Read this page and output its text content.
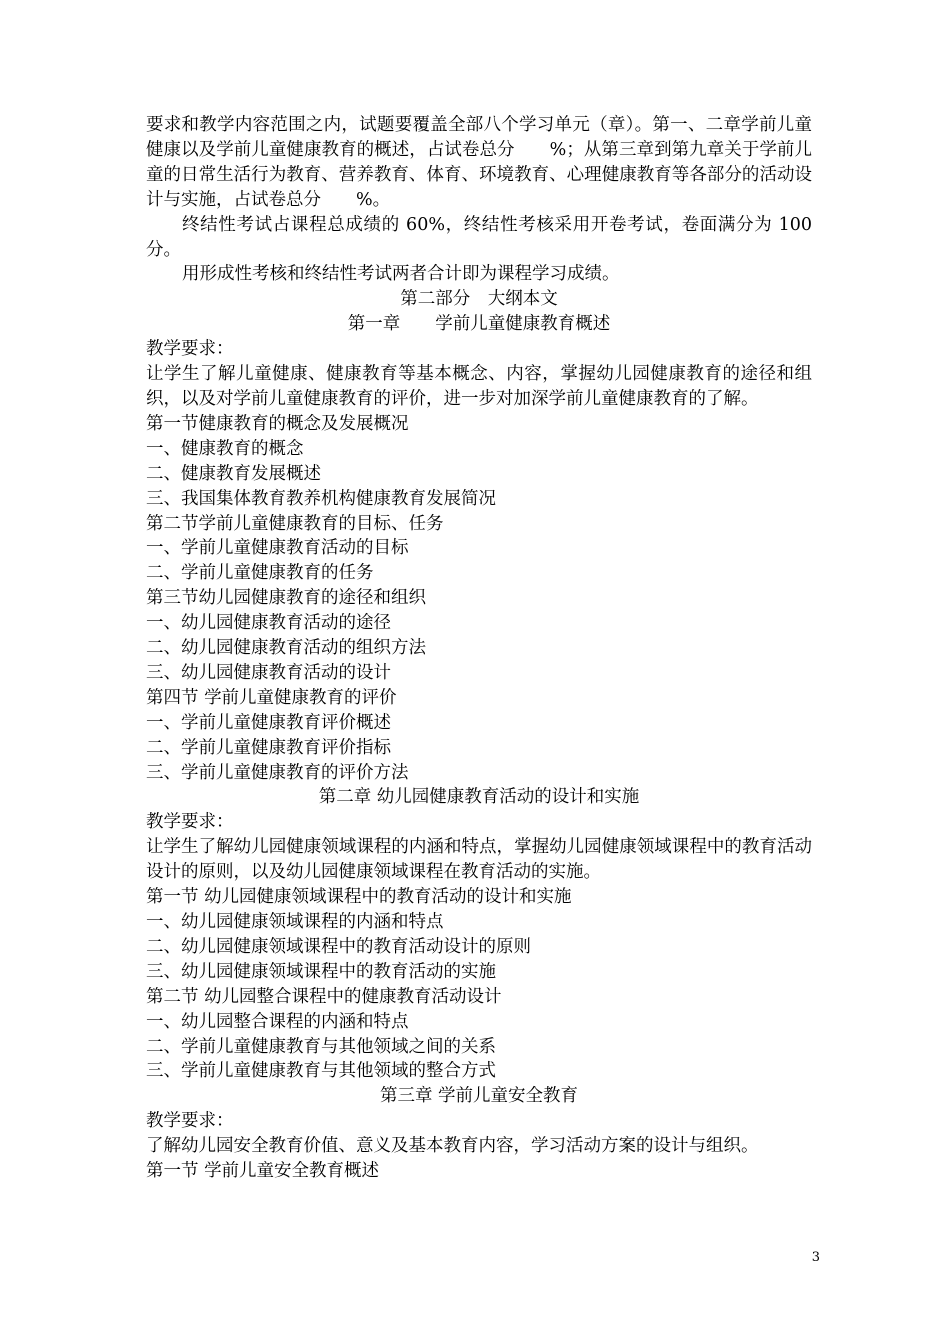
要求和教学内容范围之内，试题要覆盖全部八个学习单元（章）。第一、二章学前儿童健康以及学前儿童健康教育的概述，占试卷总分　　%；从第三章到第九章关于学前儿童的日常生活行为教育、营养教育、体育、环境教育、心理健康教育等各部分的活动设计与实施，占试卷总分　　%。

终结性考试占课程总成绩的 60%，终结性考核采用开卷考试，卷面满分为 100 分。

用形成性考核和终结性考试两者合计即为课程学习成绩。

第二部分　大纲本文

第一章　　学前儿童健康教育概述

教学要求：

让学生了解儿童健康、健康教育等基本概念、内容，掌握幼儿园健康教育的途径和组织，以及对学前儿童健康教育的评价，进一步对加深学前儿童健康教育的了解。

第一节健康教育的概念及发展概况

一、健康教育的概念

二、健康教育发展概述

三、我国集体教育教养机构健康教育发展简况

第二节学前儿童健康教育的目标、任务

一、学前儿童健康教育活动的目标

二、学前儿童健康教育的任务

第三节幼儿园健康教育的途径和组织

一、幼儿园健康教育活动的途径

二、幼儿园健康教育活动的组织方法

三、幼儿园健康教育活动的设计

第四节 学前儿童健康教育的评价

一、学前儿童健康教育评价概述

二、学前儿童健康教育评价指标

三、学前儿童健康教育的评价方法

第二章 幼儿园健康教育活动的设计和实施

教学要求：

让学生了解幼儿园健康领域课程的内涵和特点，掌握幼儿园健康领域课程中的教育活动设计的原则，以及幼儿园健康领域课程在教育活动的实施。

第一节 幼儿园健康领域课程中的教育活动的设计和实施

一、幼儿园健康领域课程的内涵和特点

二、幼儿园健康领域课程中的教育活动设计的原则

三、幼儿园健康领域课程中的教育活动的实施

第二节 幼儿园整合课程中的健康教育活动设计

一、幼儿园整合课程的内涵和特点

二、学前儿童健康教育与其他领域之间的关系

三、学前儿童健康教育与其他领域的整合方式

第三章 学前儿童安全教育

教学要求：

了解幼儿园安全教育价值、意义及基本教育内容，学习活动方案的设计与组织。

第一节 学前儿童安全教育概述

3
